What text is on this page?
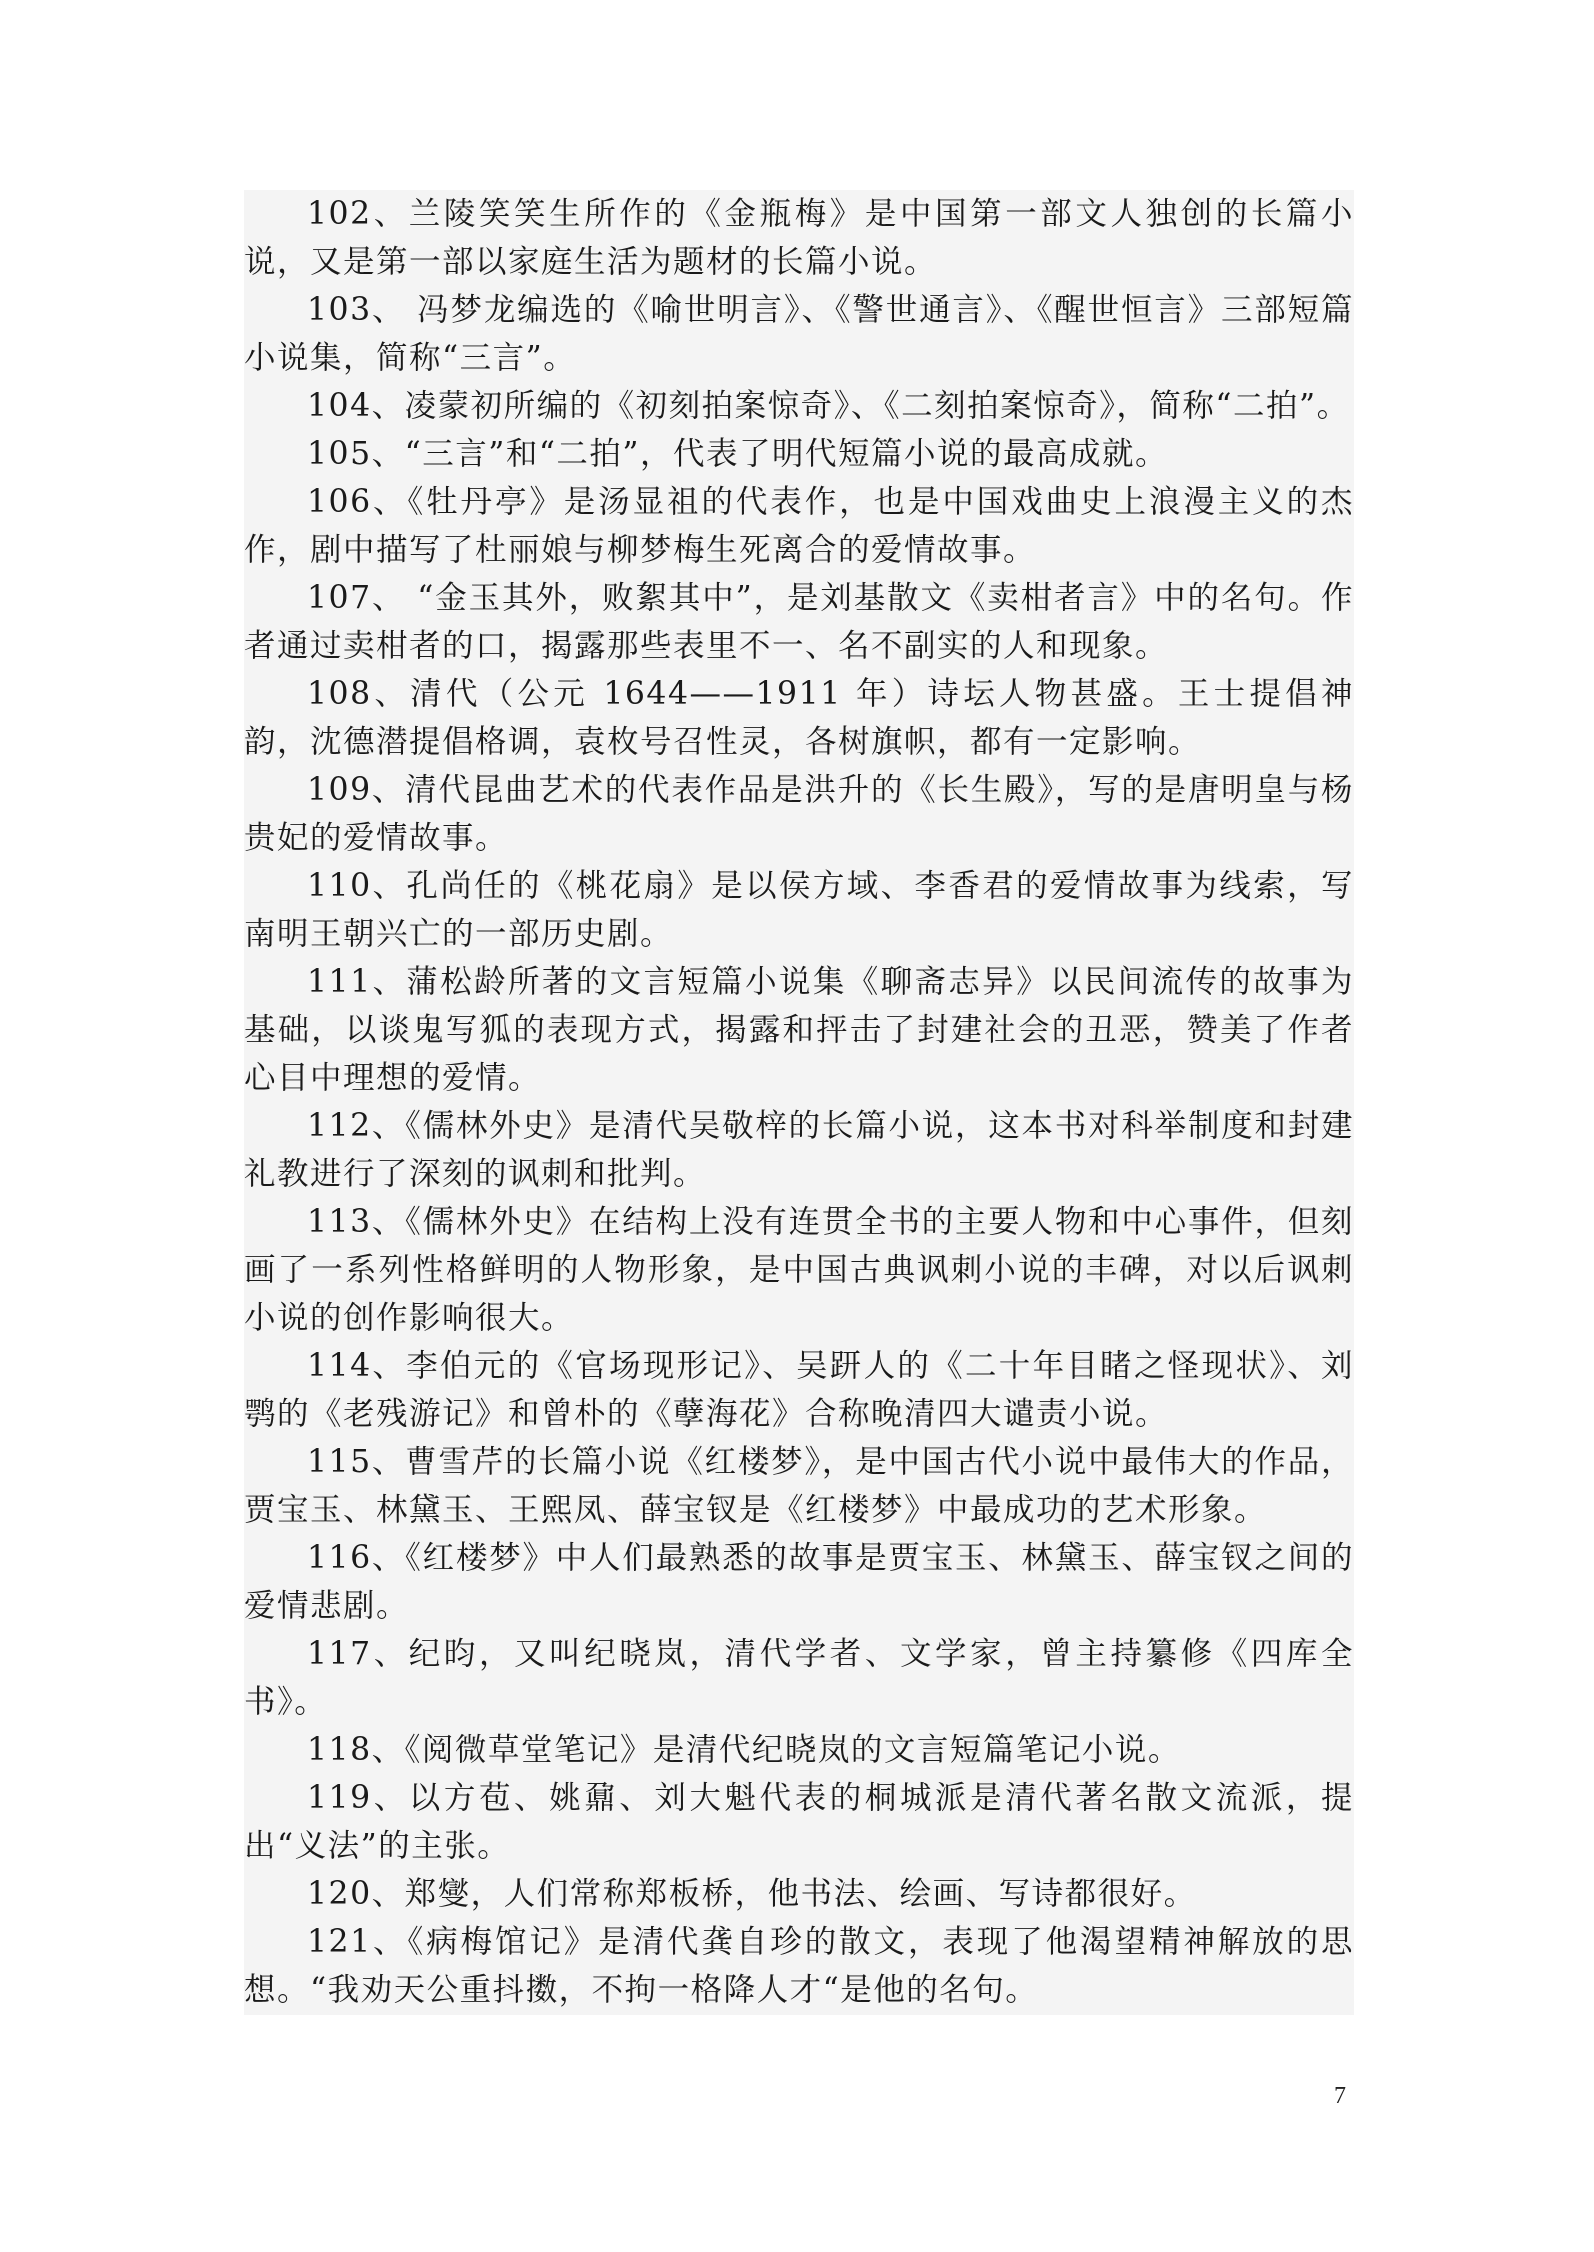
102、兰陵笑笑生所作的《金瓶梅》是中国第一部文人独创的长篇小说，又是第一部以家庭生活为题材的长篇小说。

103、 冯梦龙编选的《喻世明言》、《警世通言》、《醒世恒言》三部短篇小说集，简称“三言”。

104、凌蒙初所编的《初刻拍案惊奇》、《二刻拍案惊奇》，简称“二拍”。

105、“三言”和“二拍”，代表了明代短篇小说的最高成就。

106、《牡丹亭》是汤显祖的代表作，也是中国戏曲史上浪漫主义的杰作，剧中描写了杜丽娘与柳梦梅生死离合的爱情故事。

107、 “金玉其外，败絮其中”，是刘基散文《卖柑者言》中的名句。作者通过卖柑者的口，揭露那些表里不一、名不副实的人和现象。

108、清代（公元 1644——1911 年）诗坛人物甚盛。王士提倡神韵，沈德潜提倡格调，袁枚号召性灵，各树旗帜，都有一定影响。

109、清代昆曲艺术的代表作品是洪升的《长生殿》，写的是唐明皇与杨贵妃的爱情故事。

110、孔尚任的《桃花扇》是以侯方域、李香君的爱情故事为线索，写南明王朝兴亡的一部历史剧。

111、蒲松龄所著的文言短篇小说集《聊斋志异》以民间流传的故事为基础，以谈鬼写狐的表现方式，揭露和抨击了封建社会的丑恶，赞美了作者心目中理想的爱情。

112、《儒林外史》是清代吴敬梓的长篇小说，这本书对科举制度和封建礼教进行了深刻的讽刺和批判。

113、《儒林外史》在结构上没有连贯全书的主要人物和中心事件，但刻画了一系列性格鲜明的人物形象，是中国古典讽刺小说的丰碑，对以后讽刺小说的创作影响很大。

114、李伯元的《官场现形记》、吴趼人的《二十年目睹之怪现状》、刘鹗的《老残游记》和曾朴的《孽海花》合称晚清四大谴责小说。

115、曹雪芹的长篇小说《红楼梦》，是中国古代小说中最伟大的作品，贾宝玉、林黛玉、王熙凤、薛宝钗是《红楼梦》中最成功的艺术形象。

116、《红楼梦》中人们最熟悉的故事是贾宝玉、林黛玉、薛宝钗之间的爱情悲剧。

117、纪昀，又叫纪晓岚，清代学者、文学家，曾主持纂修《四库全书》。

118、《阅微草堂笔记》是清代纪晓岚的文言短篇笔记小说。

119、以方苞、姚鼐、刘大魁代表的桐城派是清代著名散文流派，提出“义法”的主张。

120、郑燮，人们常称郑板桥，他书法、绘画、写诗都很好。

121、《病梅馆记》是清代龚自珍的散文，表现了他渴望精神解放的思想。“我劝天公重抖擞，不拘一格降人才“是他的名句。

7
